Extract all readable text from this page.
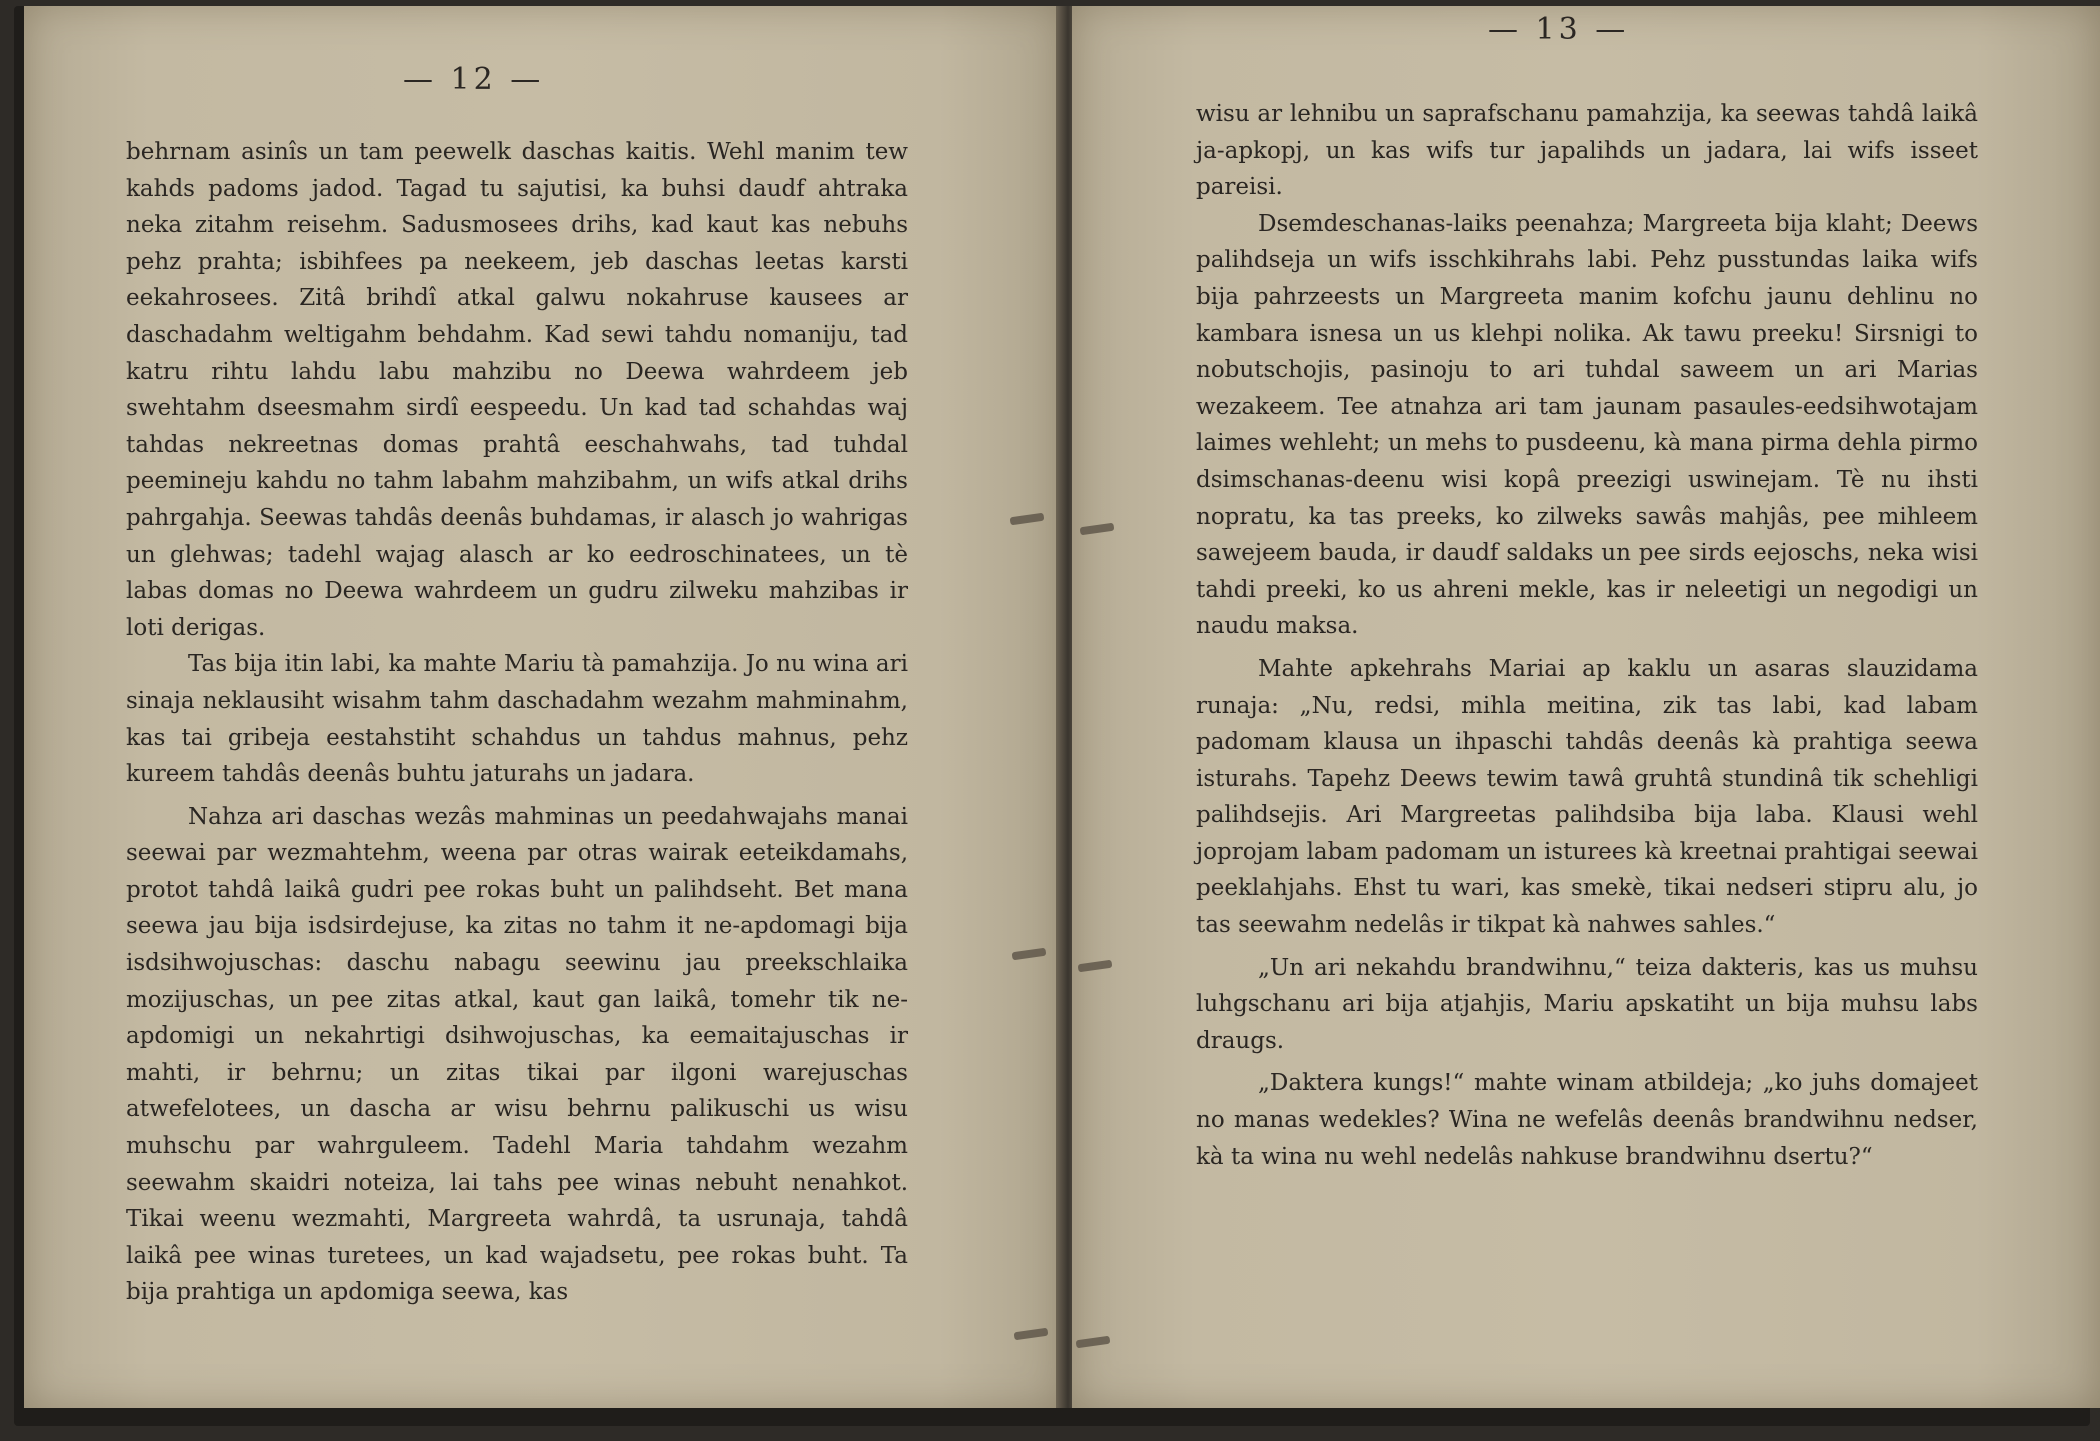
— 12 —
— 13 —

behrnam asinîs un tam peewelk daschas kaitis. Wehl manim tew kahds padoms jadod. Tagad tu sajutisi, ka buhsi daudf ahtraka neka zitahm reisehm. Sadusmosees drihs, kad kaut kas nebuhs pehz prahta; isbihfees pa neekeem, jeb daschas leetas karsti eekahrosees. Zitâ brihdî atkal galwu nokahruse kausees ar daschadahm weltigahm behdahm. Kad sewi tahdu nomaniju, tad katru rihtu lahdu labu mahzibu no Deewa wahrdeem jeb swehtahm dseesmahm sirdî eespeedu. Un kad tad schahdas waj tahdas nekreetnas domas prahtâ eeschahwahs, tad tuhdal peemineju kahdu no tahm labahm mahzibahm, un wifs atkal drihs pahrgahja. Seewas tahdâs deenâs buhdamas, ir alasch jo wahrigas un glehwas; tadehl wajag alasch ar ko eedroschinatees, un tè labas domas no Deewa wahrdeem un gudru zilweku mahzibas ir loti derigas.

Tas bija itin labi, ka mahte Mariu tà pamahzija. Jo nu wina ari sinaja neklausiht wisahm tahm daschadahm wezahm mahminahm, kas tai gribeja eestahstiht schahdus un tahdus mahnus, pehz kureem tahdâs deenâs buhtu jaturahs un jadara.

Nahza ari daschas wezâs mahminas un peedahwajahs manai seewai par wezmahtehm, weena par otras wairak eeteikdamahs, protot tahdâ laikâ gudri pee rokas buht un palihdseht. Bet mana seewa jau bija isdsirdejuse, ka zitas no tahm it ne-apdomagi bija isdsihwojuschas: daschu nabagu seewinu jau preekschlaika mozijuschas, un pee zitas atkal, kaut gan laikâ, tomehr tik ne-apdomigi un nekahrtigi dsihwojuschas, ka eemaitajuschas ir mahti, ir behrnu; un zitas tikai par ilgoni warejuschas atwefelotees, un dascha ar wisu behrnu palikuschi us wisu muhschu par wahrguleem. Tadehl Maria tahdahm wezahm seewahm skaidri noteiza, lai tahs pee winas nebuht nenahkot. Tikai weenu wezmahti, Margreeta wahrdâ, ta usrunaja, tahdâ laikâ pee winas turetees, un kad wajadsetu, pee rokas buht. Ta bija prahtiga un apdomiga seewa, kas

wisu ar lehnibu un saprafschanu pamahzija, ka seewas tahdâ laikâ ja-apkopj, un kas wifs tur japalihds un jadara, lai wifs isseet pareisi.

Dsemdeschanas-laiks peenahza; Margreeta bija klaht; Deews palihdseja un wifs isschkihrahs labi. Pehz pusstundas laika wifs bija pahrzeests un Margreeta manim kofchu jaunu dehlinu no kambara isnesa un us klehpi nolika. Ak tawu preeku! Sirsnigi to nobutschojis, pasinoju to ari tuhdal saweem un ari Marias wezakeem. Tee atnahza ari tam jaunam pasaules-eedsihwotajam laimes wehleht; un mehs to pusdeenu, kà mana pirma dehla pirmo dsimschanas-deenu wisi kopâ preezigi uswinejam. Tè nu ihsti nopratu, ka tas preeks, ko zilweks sawâs mahjâs, pee mihleem sawejeem bauda, ir daudf saldaks un pee sirds eejoschs, neka wisi tahdi preeki, ko us ahreni mekle, kas ir neleetigi un negodigi un naudu maksa.

Mahte apkehrahs Mariai ap kaklu un asaras slauzidama runaja: „Nu, redsi, mihla meitina, zik tas labi, kad labam padomam klausa un ihpaschi tahdâs deenâs kà prahtiga seewa isturahs. Tapehz Deews tewim tawâ gruhtâ stundinâ tik schehligi palihdsejis. Ari Margreetas palihdsiba bija laba. Klausi wehl joprojam labam padomam un isturees kà kreetnai prahtigai seewai peeklahjahs. Ehst tu wari, kas smekè, tikai nedseri stipru alu, jo tas seewahm nedelâs ir tikpat kà nahwes sahles.“

„Un ari nekahdu brandwihnu,“ teiza dakteris, kas us muhsu luhgschanu ari bija atjahjis, Mariu apskatiht un bija muhsu labs draugs.

„Daktera kungs!“ mahte winam atbildeja; „ko juhs domajeet no manas wedekles? Wina ne wefelâs deenâs brandwihnu nedser, kà ta wina nu wehl nedelâs nahkuse brandwihnu dsertu?“
